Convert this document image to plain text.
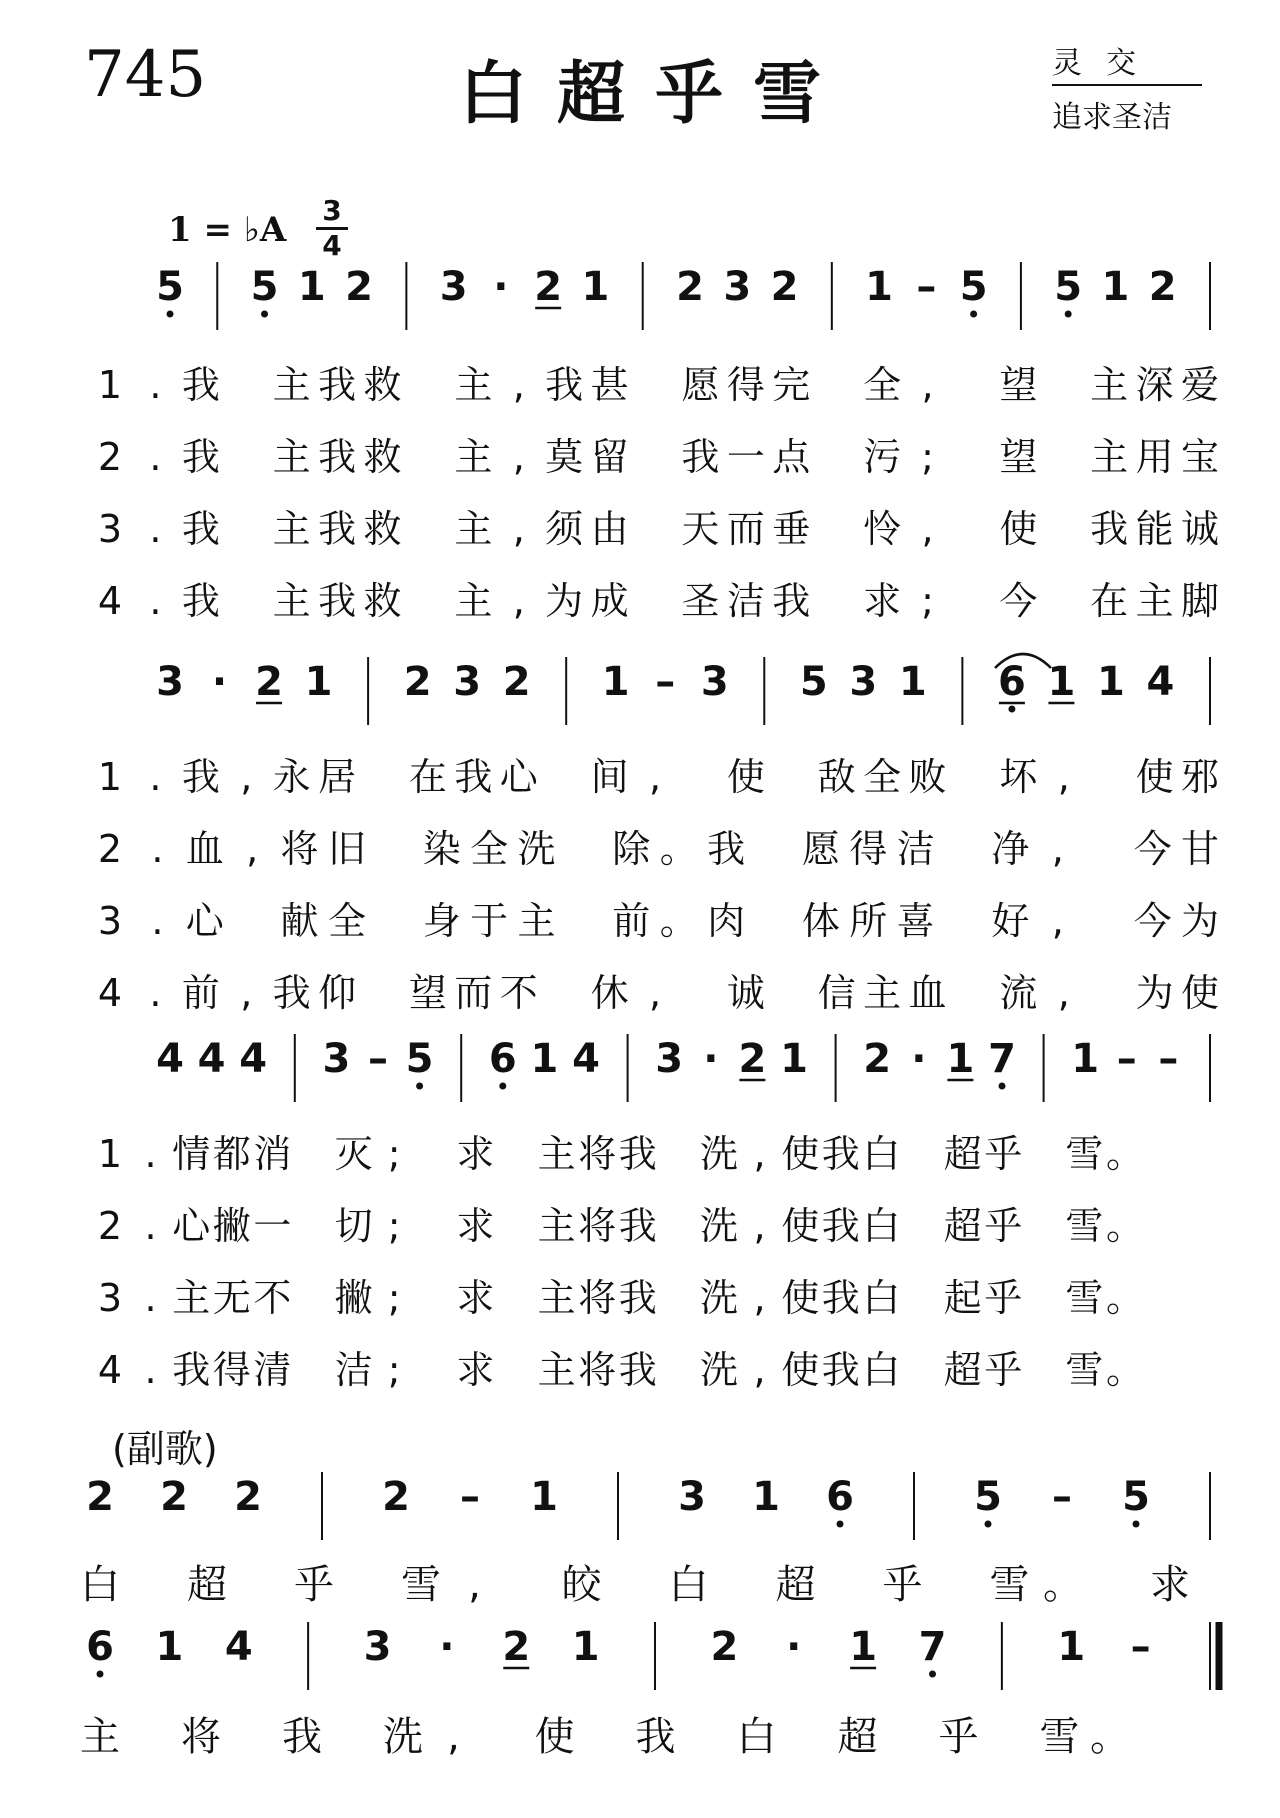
745	白超乎雪	灵交
追求圣洁
1 = ♭A	3
4
(副歌)
5 5 1 2 3 · 2 1 2 3 2 1 – 5 5 1 2
1 . 我 主 我 救 主 , 我 甚 愿 得 完 全 , 望 主 深 爱
2 . 我 主 我 救 主 , 莫 留 我 一 点 污 ; 望 主 用 宝
3 . 我 主 我 救 主 , 须 由 天 而 垂 怜 , 使 我 能 诚
4 . 我 主 我 救 主 , 为 成 圣 洁 我 求 ; 今 在 主 脚
3 · 2 1 2 3 2 1 – 3 5 3 1 6 1 1 4
1 . 我 , 永 居 在 我 心 间 , 使 敌 全 败 坏 , 使 邪
2 . 血 , 将 旧 染 全 洗 除 。 我 愿 得 洁 净 , 今 甘
3 . 心 献 全 身 于 主 前 。 肉 体 所 喜 好 , 今 为
4 . 前 , 我 仰 望 而 不 休 , 诚 信 主 血 流 , 为 使
4 4 4 3 – 5 6 1 4 3 · 2 1 2 · 1 7 1 – –
1 . 情 都 消 灭 ; 求 主 将 我 洗 , 使 我 白 超 乎 雪 。
2 . 心 撇 一 切 ; 求 主 将 我 洗 , 使 我 白 超 乎 雪 。
3 . 主 无 不 撇 ; 求 主 将 我 洗 , 使 我 白 起 乎 雪 。
4 . 我 得 清 洁 ; 求 主 将 我 洗 , 使 我 白 超 乎 雪 。
2 2 2	2 – 1	3 1 6	5 – 5
白 超 乎 雪 , 皎 白 超 乎 雪 。 求
6 1 4	3 · 2 1	2 · 1 7	1 –
主 将 我 洗 , 使 我 白 超 乎 雪 。
